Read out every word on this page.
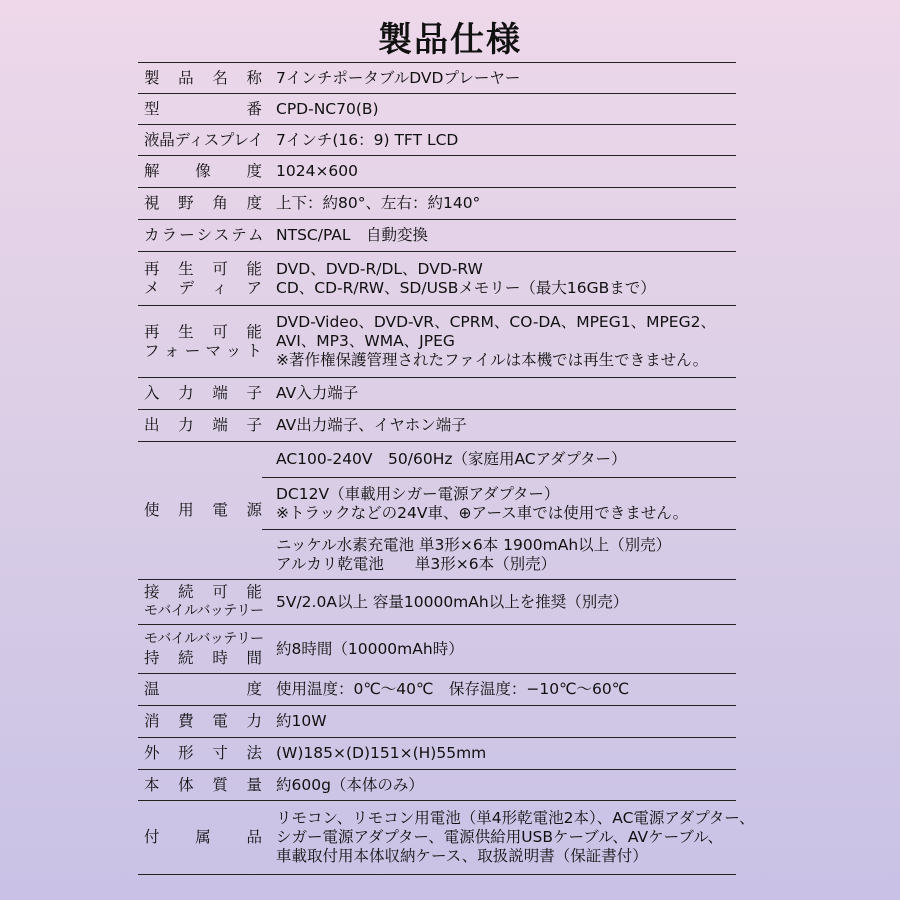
製品仕様
製品名称 7インチポータブルDVDプレーヤー
型番 CPD-NC70(B)
液晶ディスプレイ 7インチ(16：9) TFT LCD
解像度 1024×600
視野角度 上下：約80°、左右：約140°
カラーシステム NTSC/PAL　自動変換
再生可能
メディア
DVD、DVD-R/DL、DVD-RW
CD、CD-R/RW、SD/USBメモリー（最大16GBまで）
再生可能
フォーマット
DVD-Video、DVD-VR、CPRM、CO-DA、MPEG1、MPEG2、
AVI、MP3、WMA、JPEG
※著作権保護管理されたファイルは本機では再生できません。
入力端子 AV入力端子
出力端子 AV出力端子、イヤホン端子
使用電源
AC100-240V　50/60Hz（家庭用ACアダプター）
DC12V（車載用シガー電源アダプター）
※トラックなどの24V車、⊕アース車では使用できません。
ニッケル水素充電池 単3形×6本 1900mAh以上（別売）
アルカリ乾電池　　単3形×6本（別売）
接続可能
モバイルバッテリー
5V/2.0A以上 容量10000mAh以上を推奨（別売）
モバイルバッテリー
持続時間
約8時間（10000mAh時）
温度 使用温度：0℃〜40℃　保存温度：−10℃〜60℃
消費電力 約10W
外形寸法 (W)185×(D)151×(H)55mm
本体質量 約600g（本体のみ）
付属品
リモコン、リモコン用電池（単4形乾電池2本）、AC電源アダプター、
シガー電源アダプター、電源供給用USBケーブル、AVケーブル、
車載取付用本体収納ケース、取扱説明書（保証書付）
